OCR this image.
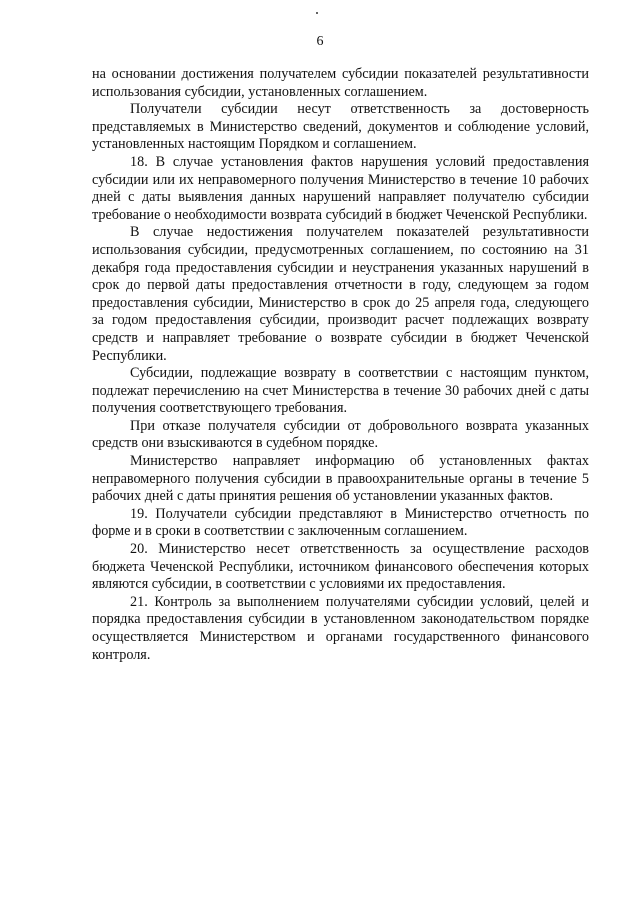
6

на основании достижения получателем субсидии показателей результативности использования субсидии, установленных соглашением.

Получатели субсидии несут ответственность за достоверность представляемых в Министерство сведений, документов и соблюдение условий, установленных настоящим Порядком и соглашением.

18. В случае установления фактов нарушения условий предоставления субсидии или их неправомерного получения Министерство в течение 10 рабочих дней с даты выявления данных нарушений направляет получателю субсидии требование о необходимости возврата субсидий в бюджет Чеченской Республики.

В случае недостижения получателем показателей результативности использования субсидии, предусмотренных соглашением, по состоянию на 31 декабря года предоставления субсидии и неустранения указанных нарушений в срок до первой даты предоставления отчетности в году, следующем за годом предоставления субсидии, Министерство в срок до 25 апреля года, следующего за годом предоставления субсидии, производит расчет подлежащих возврату средств и направляет требование о возврате субсидии в бюджет Чеченской Республики.

Субсидии, подлежащие возврату в соответствии с настоящим пунктом, подлежат перечислению на счет Министерства в течение 30 рабочих дней с даты получения соответствующего требования.

При отказе получателя субсидии от добровольного возврата указанных средств они взыскиваются в судебном порядке.

Министерство направляет информацию об установленных фактах неправомерного получения субсидии в правоохранительные органы в течение 5 рабочих дней с даты принятия решения об установлении указанных фактов.

19. Получатели субсидии представляют в Министерство отчетность по форме и в сроки в соответствии с заключенным соглашением.

20. Министерство несет ответственность за осуществление расходов бюджета Чеченской Республики, источником финансового обеспечения которых являются субсидии, в соответствии с условиями их предоставления.

21. Контроль за выполнением получателями субсидии условий, целей и порядка предоставления субсидии в установленном законодательством порядке осуществляется Министерством и органами государственного финансового контроля.
